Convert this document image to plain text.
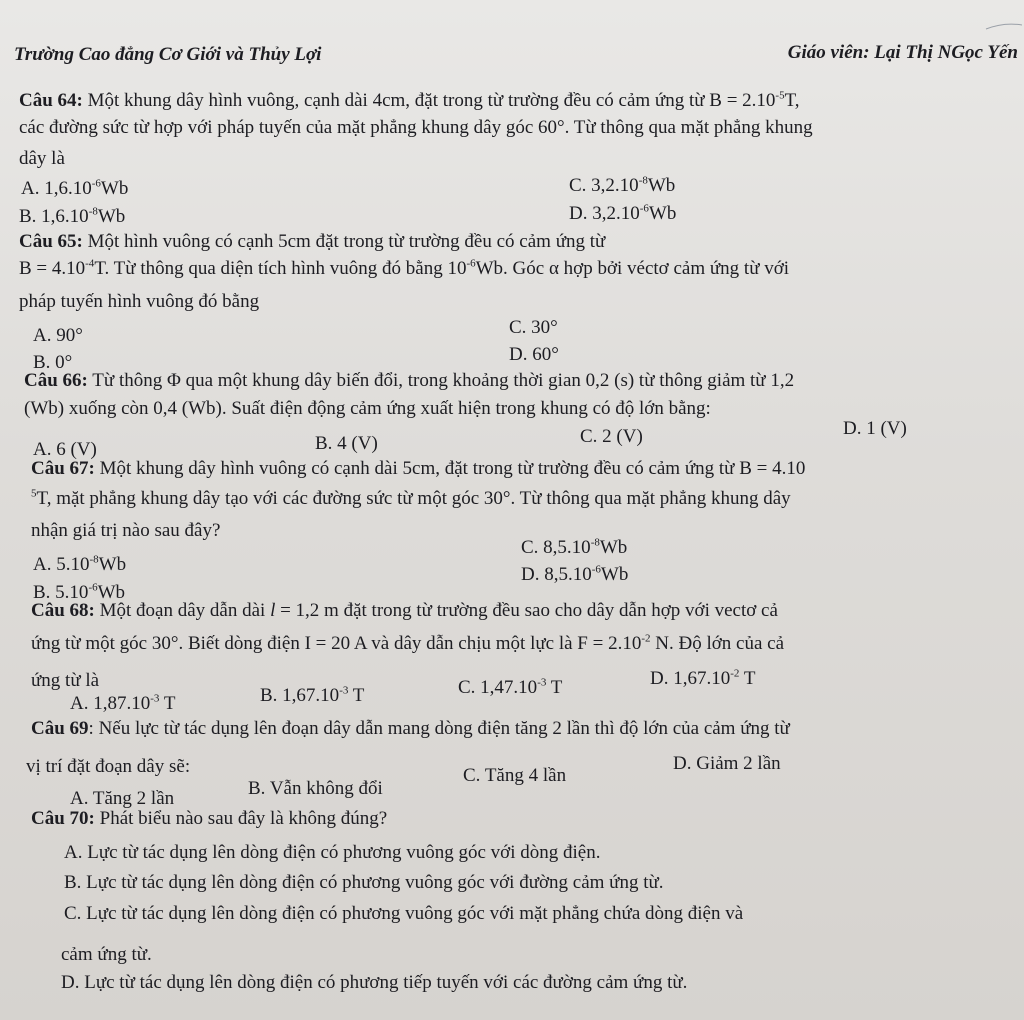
Trường Cao đẳng Cơ Giới và Thủy Lợi	Giáo viên: Lại Thị NGọc Yến
Câu 64: Một khung dây hình vuông, cạnh dài 4cm, đặt trong từ trường đều có cảm ứng từ $B = 2.10^{-5}T$,
các đường sức từ hợp với pháp tuyến của mặt phẳng khung dây góc 60°. Từ thông qua mặt phẳng khung
dây là
A. $1,6.10^{-6}Wb$	C. $3,2.10^{-8}Wb$
B. $1,6.10^{-8}Wb$	D. $3,2.10^{-6}Wb$
Câu 65: Một hình vuông có cạnh 5cm đặt trong từ trường đều có cảm ứng từ
$B = 4.10^{-4}T$. Từ thông qua diện tích hình vuông đó bằng $10^{-6}Wb$. Góc α hợp bởi véctơ cảm ứng từ với
pháp tuyến hình vuông đó bằng
A. 90°	C. 30°
B. 0°	D. 60°
Câu 66: Từ thông Φ qua một khung dây biến đổi, trong khoảng thời gian 0,2 (s) từ thông giảm từ 1,2
(Wb) xuống còn 0,4 (Wb). Suất điện động cảm ứng xuất hiện trong khung có độ lớn bằng:
A. 6 (V)	B. 4 (V)	C. 2 (V)	D. 1 (V)
Câu 67: Một khung dây hình vuông có cạnh dài 5cm, đặt trong từ trường đều có cảm ứng từ B = 4.10
$^5$T, mặt phẳng khung dây tạo với các đường sức từ một góc 30°. Từ thông qua mặt phẳng khung dây
nhận giá trị nào sau đây?
A. $5.10^{-8}Wb$
C. $8,5.10^{-8}Wb$
B. $5.10^{-6}Wb$
D. $8,5.10^{-6}Wb$
Câu 68: Một đoạn dây dẫn dài l = 1,2 m đặt trong từ trường đều sao cho dây dẫn hợp với vectơ cả
ứng từ một góc 30°. Biết dòng điện I = 20 A và dây dẫn chịu một lực là $F = 2.10^{-2}$ N. Độ lớn của cả
ứng từ là
A. $1,87.10^{-3}$ T	B. $1,67.10^{-3}$ T	C. $1,47.10^{-3}$ T	D. $1,67.10^{-2}$ T
Câu 69: Nếu lực từ tác dụng lên đoạn dây dẫn mang dòng điện tăng 2 lần thì độ lớn của cảm ứng từ
vị trí đặt đoạn dây sẽ:
A. Tăng 2 lần	B. Vẫn không đổi
C. Tăng 4 lần
D. Giảm 2 lần
Câu 70: Phát biểu nào sau đây là không đúng?
A. Lực từ tác dụng lên dòng điện có phương vuông góc với dòng điện.
B. Lực từ tác dụng lên dòng điện có phương vuông góc với đường cảm ứng từ.
C. Lực từ tác dụng lên dòng điện có phương vuông góc với mặt phẳng chứa dòng điện và
cảm ứng từ.
D. Lực từ tác dụng lên dòng điện có phương tiếp tuyến với các đường cảm ứng từ.
